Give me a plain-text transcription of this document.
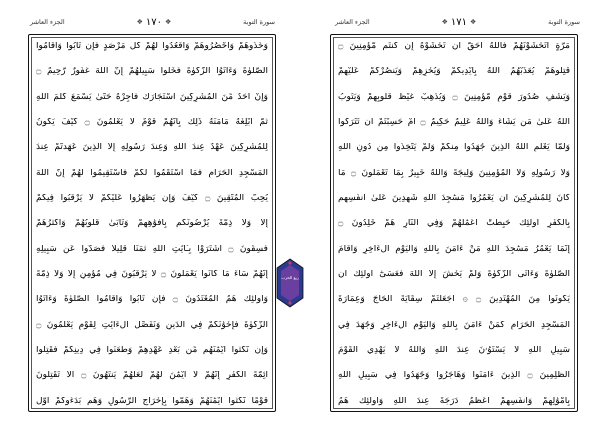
الجزء العاشر	❖ ١٧٠ ❖	سورة التوبة
وَخُذُوهُمْ وَاحْصُرُوهُمْ وَاقْعُدُوا لَهُمْ كُلَّ مَرْصَدٍ فَإِن تَابُوا وَأَقَامُوا
الصَّلَوٰةَ وَءَاتَوُا الزَّكَوٰةَ فَخَلُّوا سَبِيلَهُمْ إِنَّ اللَّهَ غَفُورٌ رَّحِيمٌ ۝
وَإِنْ أَحَدٌ مِّنَ الْمُشْرِكِينَ اسْتَجَارَكَ فَأَجِرْهُ حَتَّىٰ يَسْمَعَ كَلَٰمَ اللَّهِ
ثُمَّ أَبْلِغْهُ مَأْمَنَهُ ذَٰلِكَ بِأَنَّهُمْ قَوْمٌ لَّا يَعْلَمُونَ ۝ كَيْفَ يَكُونُ
لِلْمُشْرِكِينَ عَهْدٌ عِندَ اللَّهِ وَعِندَ رَسُولِهِ إِلَّا الَّذِينَ عَٰهَدتُّمْ عِندَ
الْمَسْجِدِ الْحَرَامِ فَمَا اسْتَقَٰمُوا لَكُمْ فَاسْتَقِيمُوا لَهُمْ إِنَّ اللَّهَ
يُحِبُّ الْمُتَّقِينَ ۝ كَيْفَ وَإِن يَظْهَرُوا عَلَيْكُمْ لَا يَرْقُبُوا فِيكُمْ
إِلًّا وَلَا ذِمَّةً يُرْضُونَكُم بِأَفْوَٰهِهِمْ وَتَأْبَىٰ قُلُوبُهُمْ وَأَكْثَرُهُمْ
فَٰسِقُونَ ۝ اشْتَرَوْا بِـَٔايَٰتِ اللَّهِ ثَمَنًا قَلِيلًا فَصَدُّوا عَن سَبِيلِهِ
إِنَّهُمْ سَاءَ مَا كَانُوا يَعْمَلُونَ ۝ لَا يَرْقُبُونَ فِي مُؤْمِنٍ إِلًّا وَلَا ذِمَّةً
وَأُولَٰٓئِكَ هُمُ الْمُعْتَدُونَ ۝ فَإِن تَابُوا وَأَقَامُوا الصَّلَوٰةَ وَءَاتَوُا
الزَّكَوٰةَ فَإِخْوَٰنُكُمْ فِي الدِّينِ وَنُفَصِّلُ الْءَايَٰتِ لِقَوْمٍ يَعْلَمُونَ ۝
وَإِن نَّكَثُوا أَيْمَٰنَهُم مِّن بَعْدِ عَهْدِهِمْ وَطَعَنُوا فِي دِينِكُمْ فَقَٰتِلُوا
أَئِمَّةَ الْكُفْرِ إِنَّهُمْ لَا أَيْمَٰنَ لَهُمْ لَعَلَّهُمْ يَنتَهُونَ ۝ أَلَا تُقَٰتِلُونَ
قَوْمًا نَّكَثُوا أَيْمَٰنَهُمْ وَهَمُّوا بِإِخْرَاجِ الرَّسُولِ وَهُم بَدَءُوكُمْ أَوَّلَ
الجزء العاشر	❖ ١٧١ ❖	سورة التوبة
مَرَّةٍ أَتَخْشَوْنَهُمْ فَاللَّهُ أَحَقُّ أَن تَخْشَوْهُ إِن كُنتُم مُّؤْمِنِينَ ۝
قَٰتِلُوهُمْ يُعَذِّبْهُمُ اللَّهُ بِأَيْدِيكُمْ وَيُخْزِهِمْ وَيَنصُرْكُمْ عَلَيْهِمْ
وَيَشْفِ صُدُورَ قَوْمٍ مُّؤْمِنِينَ ۝ وَيُذْهِبْ غَيْظَ قُلُوبِهِمْ وَيَتُوبُ
اللَّهُ عَلَىٰ مَن يَشَاءُ وَاللَّهُ عَلِيمٌ حَكِيمٌ ۝ أَمْ حَسِبْتُمْ أَن تُتْرَكُوا
وَلَمَّا يَعْلَمِ اللَّهُ الَّذِينَ جَٰهَدُوا مِنكُمْ وَلَمْ يَتَّخِذُوا مِن دُونِ اللَّهِ
وَلَا رَسُولِهِ وَلَا الْمُؤْمِنِينَ وَلِيجَةً وَاللَّهُ خَبِيرٌ بِمَا تَعْمَلُونَ ۝ مَا
كَانَ لِلْمُشْرِكِينَ أَن يَعْمُرُوا مَسَٰجِدَ اللَّهِ شَٰهِدِينَ عَلَىٰ أَنفُسِهِم
بِالْكُفْرِ أُولَٰٓئِكَ حَبِطَتْ أَعْمَٰلُهُمْ وَفِي النَّارِ هُمْ خَٰلِدُونَ ۝
إِنَّمَا يَعْمُرُ مَسَٰجِدَ اللَّهِ مَنْ ءَامَنَ بِاللَّهِ وَالْيَوْمِ الْءَاخِرِ وَأَقَامَ
الصَّلَوٰةَ وَءَاتَى الزَّكَوٰةَ وَلَمْ يَخْشَ إِلَّا اللَّهَ فَعَسَىٰٓ أُولَٰٓئِكَ أَن
يَكُونُوا مِنَ الْمُهْتَدِينَ ۝ ۞ أَجَعَلْتُمْ سِقَايَةَ الْحَاجِّ وَعِمَارَةَ
الْمَسْجِدِ الْحَرَامِ كَمَنْ ءَامَنَ بِاللَّهِ وَالْيَوْمِ الْءَاخِرِ وَجَٰهَدَ فِي
سَبِيلِ اللَّهِ لَا يَسْتَوُۥنَ عِندَ اللَّهِ وَاللَّهُ لَا يَهْدِي الْقَوْمَ
الظَّٰلِمِينَ ۝ الَّذِينَ ءَامَنُوا وَهَاجَرُوا وَجَٰهَدُوا فِي سَبِيلِ اللَّهِ
بِأَمْوَٰلِهِمْ وَأَنفُسِهِمْ أَعْظَمُ دَرَجَةً عِندَ اللَّهِ وَأُولَٰٓئِكَ هُمُ
ربع الحزب
